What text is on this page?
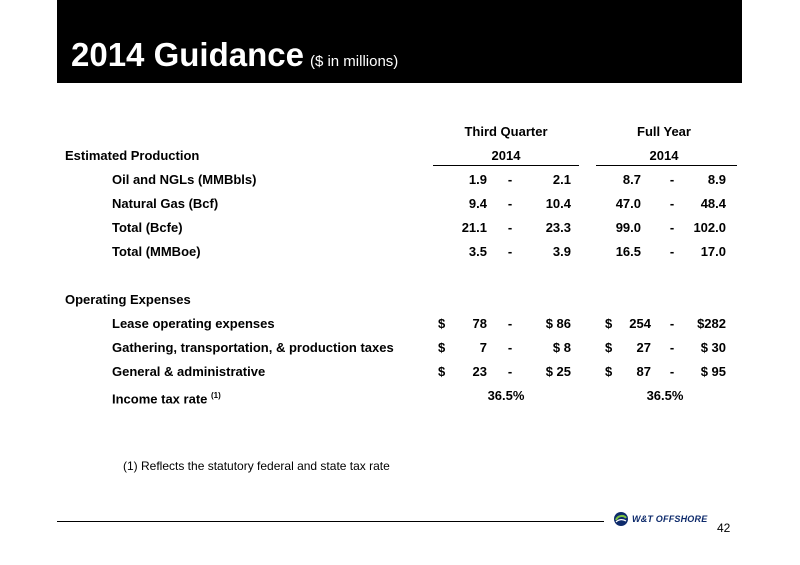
2014 Guidance ($ in millions)
Third Quarter	Full Year
Estimated Production	2014	2014
Oil and NGLs (MMBbls)	1.9 -	2.1	8.7 -	8.9
Natural Gas (Bcf)	9.4 -	10.4	47.0 -	48.4
Total (Bcfe)	21.1 -	23.3	99.0 -	102.0
Total (MMBoe)	3.5 -	3.9	16.5 -	17.0
Operating Expenses
Lease operating expenses	$	78 -	$ 86	$	254 -	$282
Gathering, transportation, & production taxes	$	7 -	$ 8	$	27 -	$ 30
General & administrative	$	23 -	$ 25	$	87 -	$ 95
Income tax rate $^{(1)}$	36.5%	36.5%
(1) Reflects the statutory federal and state tax rate
W&T OFFSHORE
42
